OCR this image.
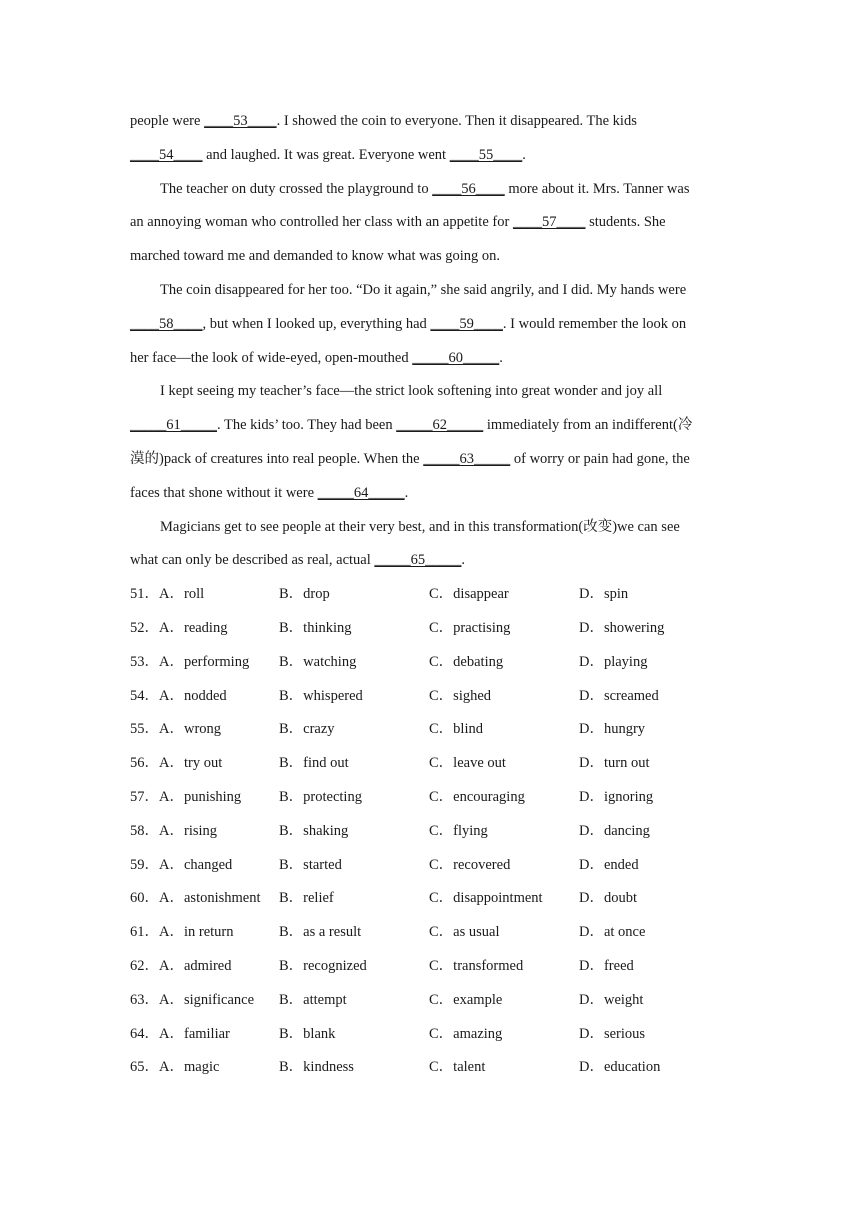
people were ____53____. I showed the coin to everyone. Then it disappeared. The kids
____54____ and laughed. It was great. Everyone went ____55____.
The teacher on duty crossed the playground to ____56____ more about it. Mrs. Tanner was
an annoying woman who controlled her class with an appetite for ____57____ students. She
marched toward me and demanded to know what was going on.
The coin disappeared for her too. “Do it again,” she said angrily, and I did. My hands were
____58____, but when I looked up, everything had ____59____. I would remember the look on
her face—the look of wide-eyed, open-mouthed _____60_____.
I kept seeing my teacher’s face—the strict look softening into great wonder and joy all
_____61_____. The kids’ too. They had been _____62_____ immediately from an indifferent(冷
漠的)pack of creatures into real people. When the _____63_____ of worry or pain had gone, the
faces that shone without it were _____64_____.
Magicians get to see people at their very best, and in this transformation(改变)we can see
what can only be described as real, actual _____65_____.
51．A．roll	B．drop	C．disappear	D．spin
52．A．reading	B．thinking	C．practising	D．showering
53．A．performing B．watching	C．debating	D．playing
54．A．nodded	B．whispered	C．sighed	D．screamed
55．A．wrong	B．crazy	C．blind	D．hungry
56．A．try out	B．find out	C．leave out	D．turn out
57．A．punishing	B．protecting	C．encouraging	D．ignoring
58．A．rising	B．shaking	C．flying	D．dancing
59．A．changed	B．started	C．recovered	D．ended
60．A．astonishment B．relief	C．disappointment	D．doubt
61．A．in return	B．as a result	C．as usual	D．at once
62．A．admired	B．recognized	C．transformed	D．freed
63．A．significance B．attempt	C．example	D．weight
64．A．familiar	B．blank	C．amazing	D．serious
65．A．magic	B．kindness	C．talent	D．education
